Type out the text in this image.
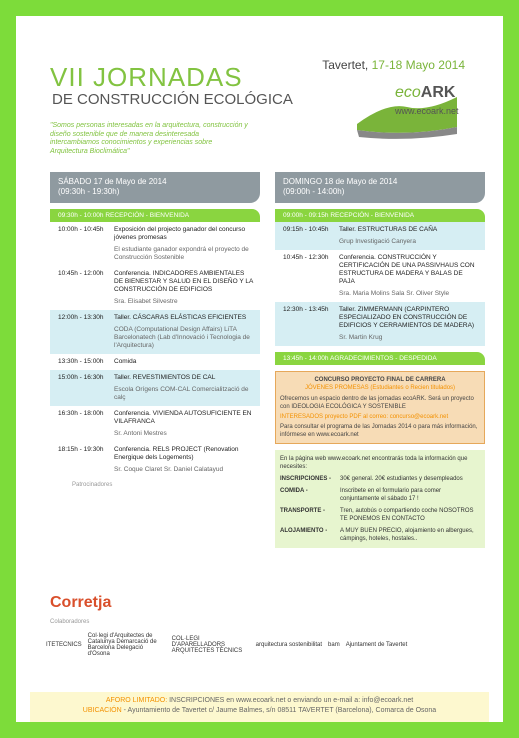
VII JORNADAS
DE CONSTRUCCIÓN ECOLÓGICA
"Somos personas interesadas en la arquitectura, construcción y diseño sostenible que de manera desinteresada intercambiamos conocimientos y experiencias sobre Arquitectura Bioclimática"
Tavertet, 17-18 Mayo 2014
ecoARK
www.ecoark.net
SÁBADO 17 de Mayo de 2014
(09:30h - 19:30h)
09:30h - 10:00h RECEPCIÓN - BIENVENIDA
10:00h - 10:45h	Exposición del projecto ganador del concurso jóvenes promesas
El estudiante ganador expondrá el proyecto de Construcción Sostenible
10:45h - 12:00h	Conferencia. INDICADORES AMBIENTALES DE BIENESTAR Y SALUD EN EL DISEÑO Y LA CONSTRUCCIÓN DE EDIFICIOS
Sra. Elisabet Silvestre
12:00h - 13:30h	Taller. CÁSCARAS ELÁSTICAS EFICIENTES
CODA (Computational Design Affairs) LiTA Barcelonatech (Lab d'Innovació i Tecnologia de l'Arquitectura)
13:30h - 15:00h	Comida
15:00h - 16:30h	Taller. REVESTIMIENTOS DE CAL
Escola Orígens COM-CAL Comercialització de calç
16:30h - 18:00h	Conferencia. VIVIENDA AUTOSUFICIENTE EN VILAFRANCA
Sr. Antoni Mestres
18:15h - 19:30h	Conferencia. RELS PROJECT (Renovation Energique dels Logements)
Sr. Coque Claret Sr. Daniel Calatayud
Patrocinadores
DOMINGO 18 de Mayo de 2014
(09:00h - 14:00h)
09:00h - 09:15h RECEPCIÓN - BIENVENIDA
09:15h - 10:45h	Taller. ESTRUCTURAS DE CAÑA
Grup Investigació Canyera
10:45h - 12:30h	Conferencia. CONSTRUCCIÓN Y CERTIFICACIÓN DE UNA PASSIVHAUS CON ESTRUCTURA DE MADERA Y BALAS DE PAJA
Sra. Maria Molins Sala Sr. Oliver Style
12:30h - 13:45h	Taller. ZIMMERMANN (CARPINTERO ESPECIALIZADO EN CONSTRUCCIÓN DE EDIFICIOS Y CERRAMIENTOS DE MADERA)
Sr. Martin Krug
13:45h - 14:00h AGRADECIMIENTOS - DESPEDIDA
CONCURSO PROYECTO FINAL DE CARRERA
JÓVENES PROMESAS (Estudiantes o Recien titulados)
Ofrecemos un espacio dentro de las jornadas ecoARK. Será un proyecto con IDEOLOGIA ECOLÓGICA Y SOSTENIBLE
INTERESADOS proyecto PDF al correo: concurso@ecoark.net
Para consultar el programa de las Jornadas 2014 o para más información, infórmese en www.ecoark.net
En la página web www.ecoark.net encontrarás toda la información que necesites:
INSCRIPCIONES -	30€ general. 20€ estudiantes y desempleados
COMIDA -	Inscribete en el formulario para comer conjuntamente el sábado 17 !
TRANSPORTE -	Tren, autobús o compartiendo coche NOSOTROS TE PONEMOS EN CONTACTO
ALOJAMIENTO -	A MUY BUEN PRECIO, alojamiento en albergues, cámpings, hoteles, hostales..
Corretja
Colaboradores
ITETECNICS
Col·legi d'Arquitectes de Catalunya Demarcació de Barcelona Delegació d'Osona
COL·LEGI D'APARELLADORS ARQUITECTES TÈCNICS
arquitectura sostenibilitat bam Ajuntament de Tavertet
AFORO LIMITADO: INSCRIPCIONES en www.ecoark.net o enviando un e-mail a: info@ecoark.net
UBICACIÓN - Ayuntamiento de Tavertet c/ Jaume Balmes, s/n 08511 TAVERTET (Barcelona), Comarca de Osona
